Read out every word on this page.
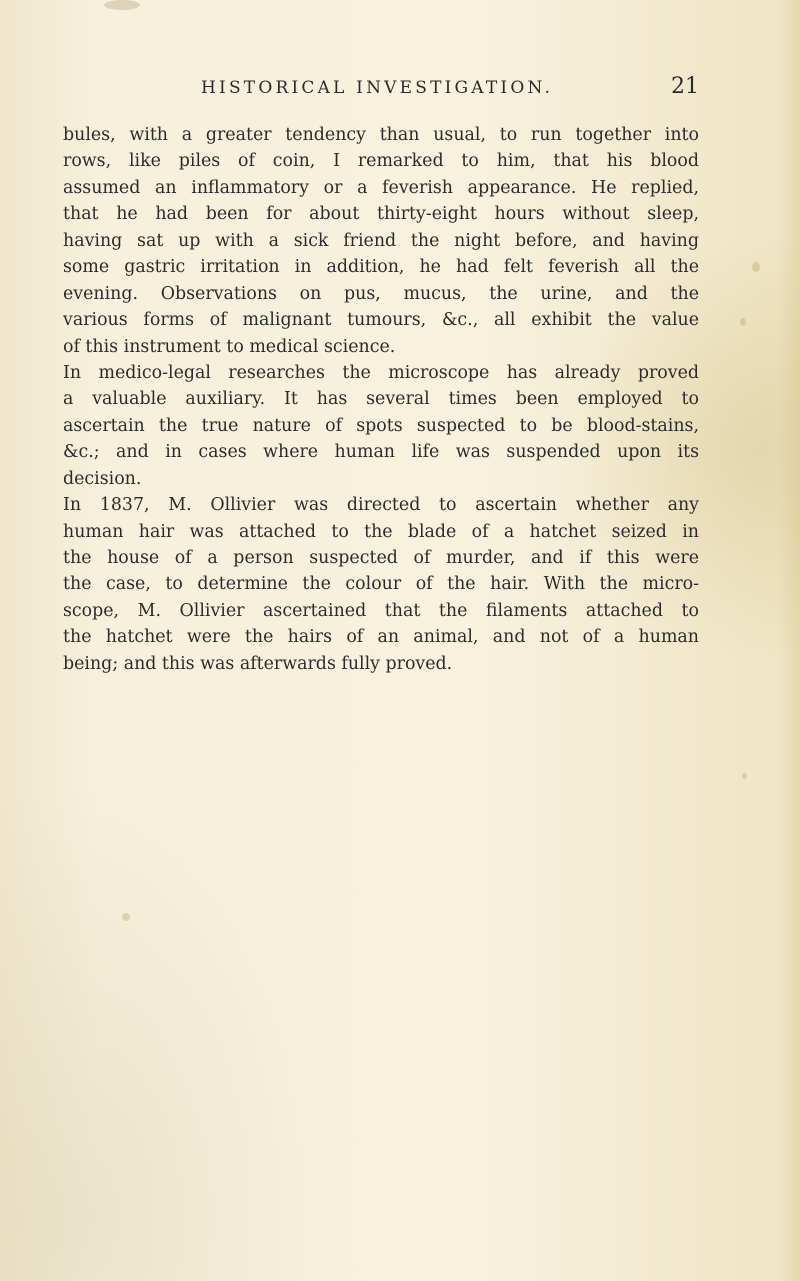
HISTORICAL INVESTIGATION.	21
bules, with a greater tendency than usual, to run together into
rows, like piles of coin, I remarked to him, that his blood
assumed an inflammatory or a feverish appearance. He replied,
that he had been for about thirty-eight hours without sleep,
having sat up with a sick friend the night before, and having
some gastric irritation in addition, he had felt feverish all the
evening. Observations on pus, mucus, the urine, and the
various forms of malignant tumours, &c., all exhibit the value
of this instrument to medical science.
In medico-legal researches the microscope has already proved
a valuable auxiliary. It has several times been employed to
ascertain the true nature of spots suspected to be blood-stains,
&c.; and in cases where human life was suspended upon its
decision.
In 1837, M. Ollivier was directed to ascertain whether any
human hair was attached to the blade of a hatchet seized in
the house of a person suspected of murder, and if this were
the case, to determine the colour of the hair. With the micro-
scope, M. Ollivier ascertained that the filaments attached to
the hatchet were the hairs of an animal, and not of a human
being; and this was afterwards fully proved.
